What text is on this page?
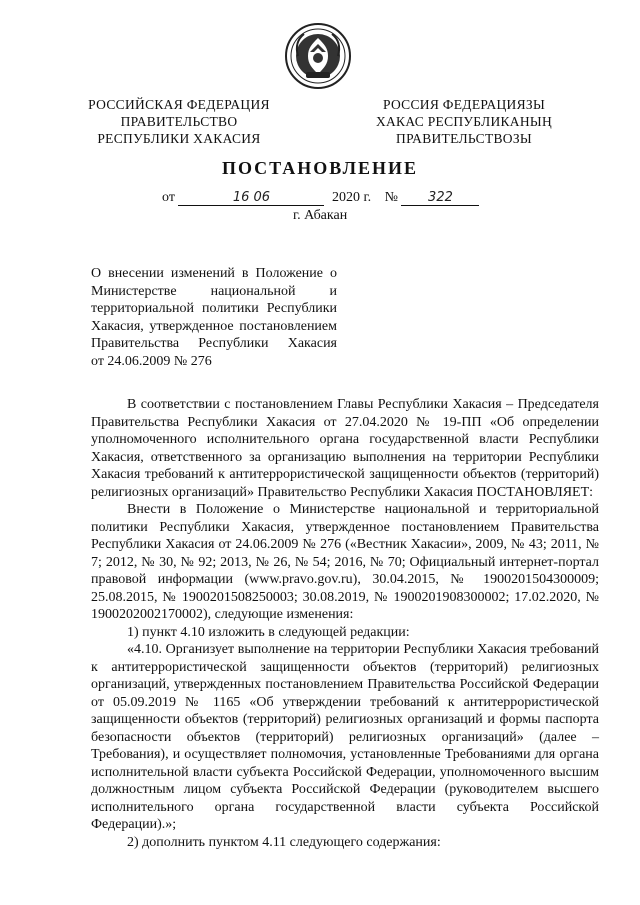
РОССИЙСКАЯ ФЕДЕРАЦИЯ
ПРАВИТЕЛЬСТВО
РЕСПУБЛИКИ ХАКАСИЯ
РОССИЯ ФЕДЕРАЦИЯЗЫ
ХАКАС РЕСПУБЛИКАНЫҢ
ПРАВИТЕЛЬСТВОЗЫ
ПОСТАНОВЛЕНИЕ
от	16 06	2020 г. № 322
г. Абакан
О внесении изменений в Положение о
Министерстве национальной и
территориальной политики Республики
Хакасия, утвержденное постановлением
Правительства Республики Хакасия
от 24.06.2009 № 276

В соответствии с постановлением Главы Республики Хакасия – Председателя Правительства Республики Хакасия от 27.04.2020 № 19-ПП «Об определении уполномоченного исполнительного органа государственной власти Республики Хакасия, ответственного за организацию выполнения на территории Республики Хакасия требований к антитеррористической защищенности объектов (территорий) религиозных организаций» Правительство Республики Хакасия ПОСТАНОВЛЯЕТ:

Внести в Положение о Министерстве национальной и территориальной политики Республики Хакасия, утвержденное постановлением Правительства Республики Хакасия от 24.06.2009 № 276 («Вестник Хакасии», 2009, № 43; 2011, № 7; 2012, № 30, № 92; 2013, № 26, № 54; 2016, № 70; Официальный интернет-портал правовой информации (www.pravo.gov.ru), 30.04.2015, № 1900201504300009; 25.08.2015, № 1900201508250003; 30.08.2019, № 1900201908300002; 17.02.2020, № 1900202002170002), следующие изменения:

1) пункт 4.10 изложить в следующей редакции:

«4.10. Организует выполнение на территории Республики Хакасия требований к антитеррористической защищенности объектов (территорий) религиозных организаций, утвержденных постановлением Правительства Российской Федерации от 05.09.2019 № 1165 «Об утверждении требований к антитеррористической защищенности объектов (территорий) религиозных организаций и формы паспорта безопасности объектов (территорий) религиозных организаций» (далее – Требования), и осуществляет полномочия, установленные Требованиями для органа исполнительной власти субъекта Российской Федерации, уполномоченного высшим должностным лицом субъекта Российской Федерации (руководителем высшего исполнительного органа государственной власти субъекта Российской Федерации).»;

2) дополнить пунктом 4.11 следующего содержания:
